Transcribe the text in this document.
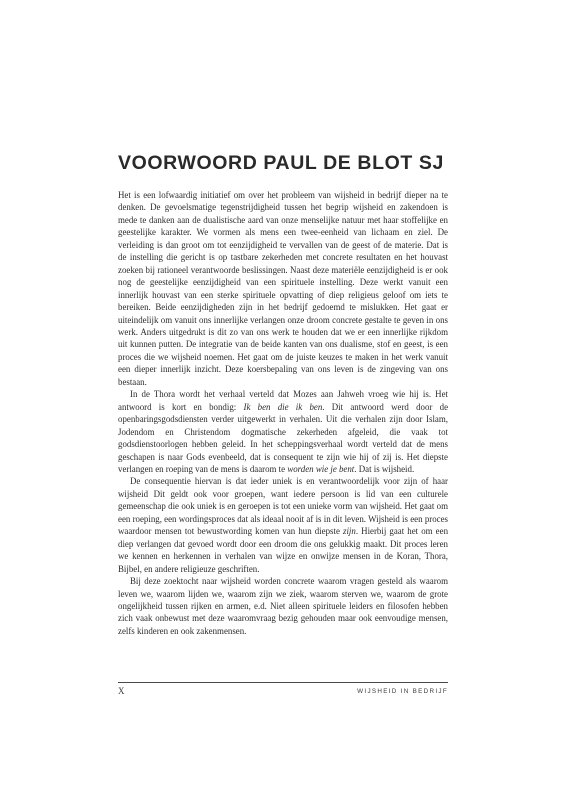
VOORWOORD PAUL DE BLOT SJ

Het is een lofwaardig initiatief om over het probleem van wijsheid in bedrijf dieper na te denken. De gevoelsmatige tegenstrijdigheid tussen het begrip wijsheid en zakendoen is mede te danken aan de dualistische aard van onze menselijke natuur met haar stoffelijke en geestelijke karakter. We vormen als mens een twee-eenheid van lichaam en ziel. De verleiding is dan groot om tot eenzijdigheid te vervallen van de geest of de materie. Dat is de instelling die gericht is op tastbare zekerheden met concrete resultaten en het houvast zoeken bij rationeel verantwoorde beslissingen. Naast deze materiële eenzijdigheid is er ook nog de geestelijke eenzijdigheid van een spirituele instelling. Deze werkt vanuit een innerlijk houvast van een sterke spirituele opvatting of diep religieus geloof om iets te bereiken. Beide eenzijdigheden zijn in het bedrijf gedoemd te mislukken. Het gaat er uiteindelijk om vanuit ons innerlijke verlangen onze droom concrete gestalte te geven in ons werk. Anders uitgedrukt is dit zo van ons werk te houden dat we er een innerlijke rijkdom uit kunnen putten. De integratie van de beide kanten van ons dualisme, stof en geest, is een proces die we wijsheid noemen. Het gaat om de juiste keuzes te maken in het werk vanuit een dieper innerlijk inzicht. Deze koersbepaling van ons leven is de zingeving van ons bestaan.

In de Thora wordt het verhaal verteld dat Mozes aan Jahweh vroeg wie hij is. Het antwoord is kort en bondig: Ik ben die ik ben. Dit antwoord werd door de openbaringsgodsdiensten verder uitgewerkt in verhalen. Uit die verhalen zijn door Islam, Jodendom en Christendom dogmatische zekerheden afgeleid, die vaak tot godsdienstoorlogen hebben geleid. In het scheppingsverhaal wordt verteld dat de mens geschapen is naar Gods evenbeeld, dat is consequent te zijn wie hij of zij is. Het diepste verlangen en roeping van de mens is daarom te worden wie je bent. Dat is wijsheid.

De consequentie hiervan is dat ieder uniek is en verantwoordelijk voor zijn of haar wijsheid Dit geldt ook voor groepen, want iedere persoon is lid van een culturele gemeenschap die ook uniek is en geroepen is tot een unieke vorm van wijsheid. Het gaat om een roeping, een wordingsproces dat als ideaal nooit af is in dit leven. Wijsheid is een proces waardoor mensen tot bewustwording komen van hun diepste zijn. Hierbij gaat het om een diep verlangen dat gevoed wordt door een droom die ons gelukkig maakt. Dit proces leren we kennen en herkennen in verhalen van wijze en onwijze mensen in de Koran, Thora, Bijbel, en andere religieuze geschriften.

Bij deze zoektocht naar wijsheid worden concrete waarom vragen gesteld als waarom leven we, waarom lijden we, waarom zijn we ziek, waarom sterven we, waarom de grote ongelijkheid tussen rijken en armen, e.d. Niet alleen spirituele leiders en filosofen hebben zich vaak onbewust met deze waaromvraag bezig gehouden maar ook eenvoudige mensen, zelfs kinderen en ook zakenmensen.

X	WIJSHEID IN BEDRIJF
